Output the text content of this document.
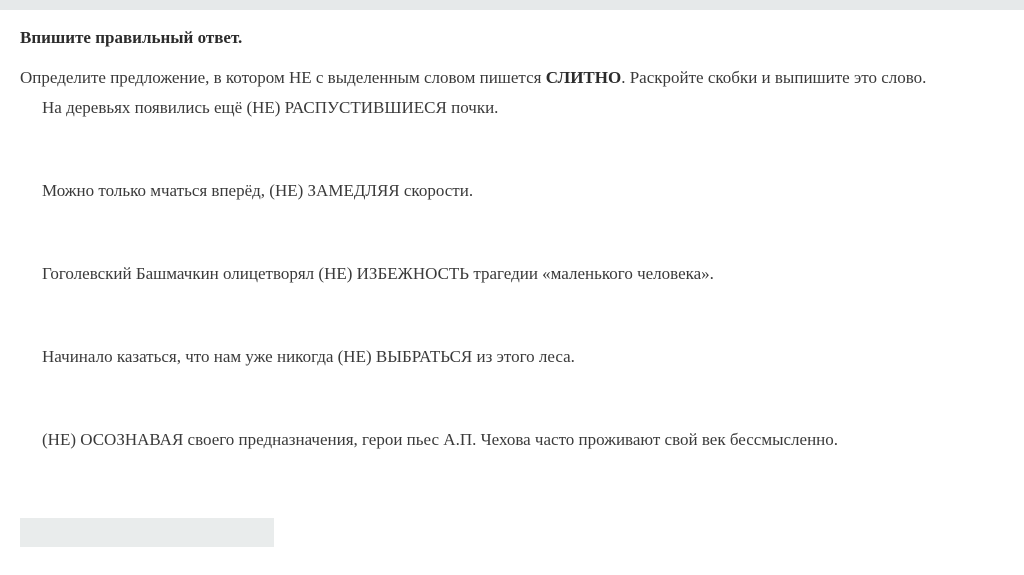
Впишите правильный ответ.
Определите предложение, в котором НЕ с выделенным словом пишется СЛИТНО. Раскройте скобки и выпишите это слово.
На деревьях появились ещё (НЕ) РАСПУСТИВШИЕСЯ почки.
Можно только мчаться вперёд, (НЕ) ЗАМЕДЛЯЯ скорости.
Гоголевский Башмачкин олицетворял (НЕ) ИЗБЕЖНОСТЬ трагедии «маленького человека».
Начинало казаться, что нам уже никогда (НЕ) ВЫБРАТЬСЯ из этого леса.
(НЕ) ОСОЗНАВАЯ своего предназначения, герои пьес А.П. Чехова часто проживают свой век бессмысленно.
